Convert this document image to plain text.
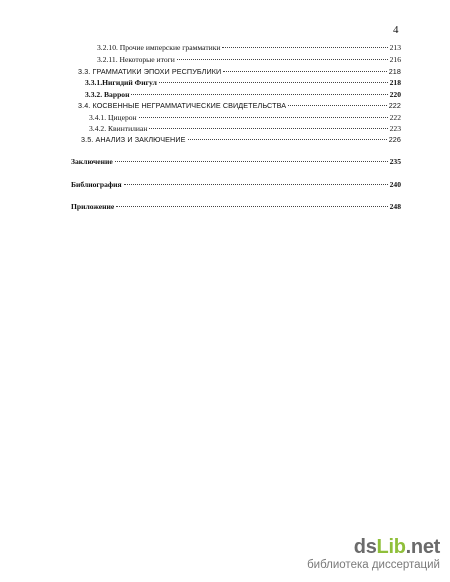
4
3.2.10. Прочие имперские грамматики	213
3.2.11. Некоторые итоги	216
3.3. ГРАММАТИКИ ЭПОХИ РЕСПУБЛИКИ	218
3.3.1.Нигидий Фигул	218
3.3.2. Варрон	220
3.4. КОСВЕННЫЕ НЕГРАММАТИЧЕСКИЕ СВИДЕТЕЛЬСТВА	222
3.4.1. Цицерон	222
3.4.2. Квинтилиан	223
3.5. АНАЛИЗ И ЗАКЛЮЧЕНИЕ	226
Заключение	235
Библиография	240
Приложение	248
dsLib.net
библиотека диссертаций
